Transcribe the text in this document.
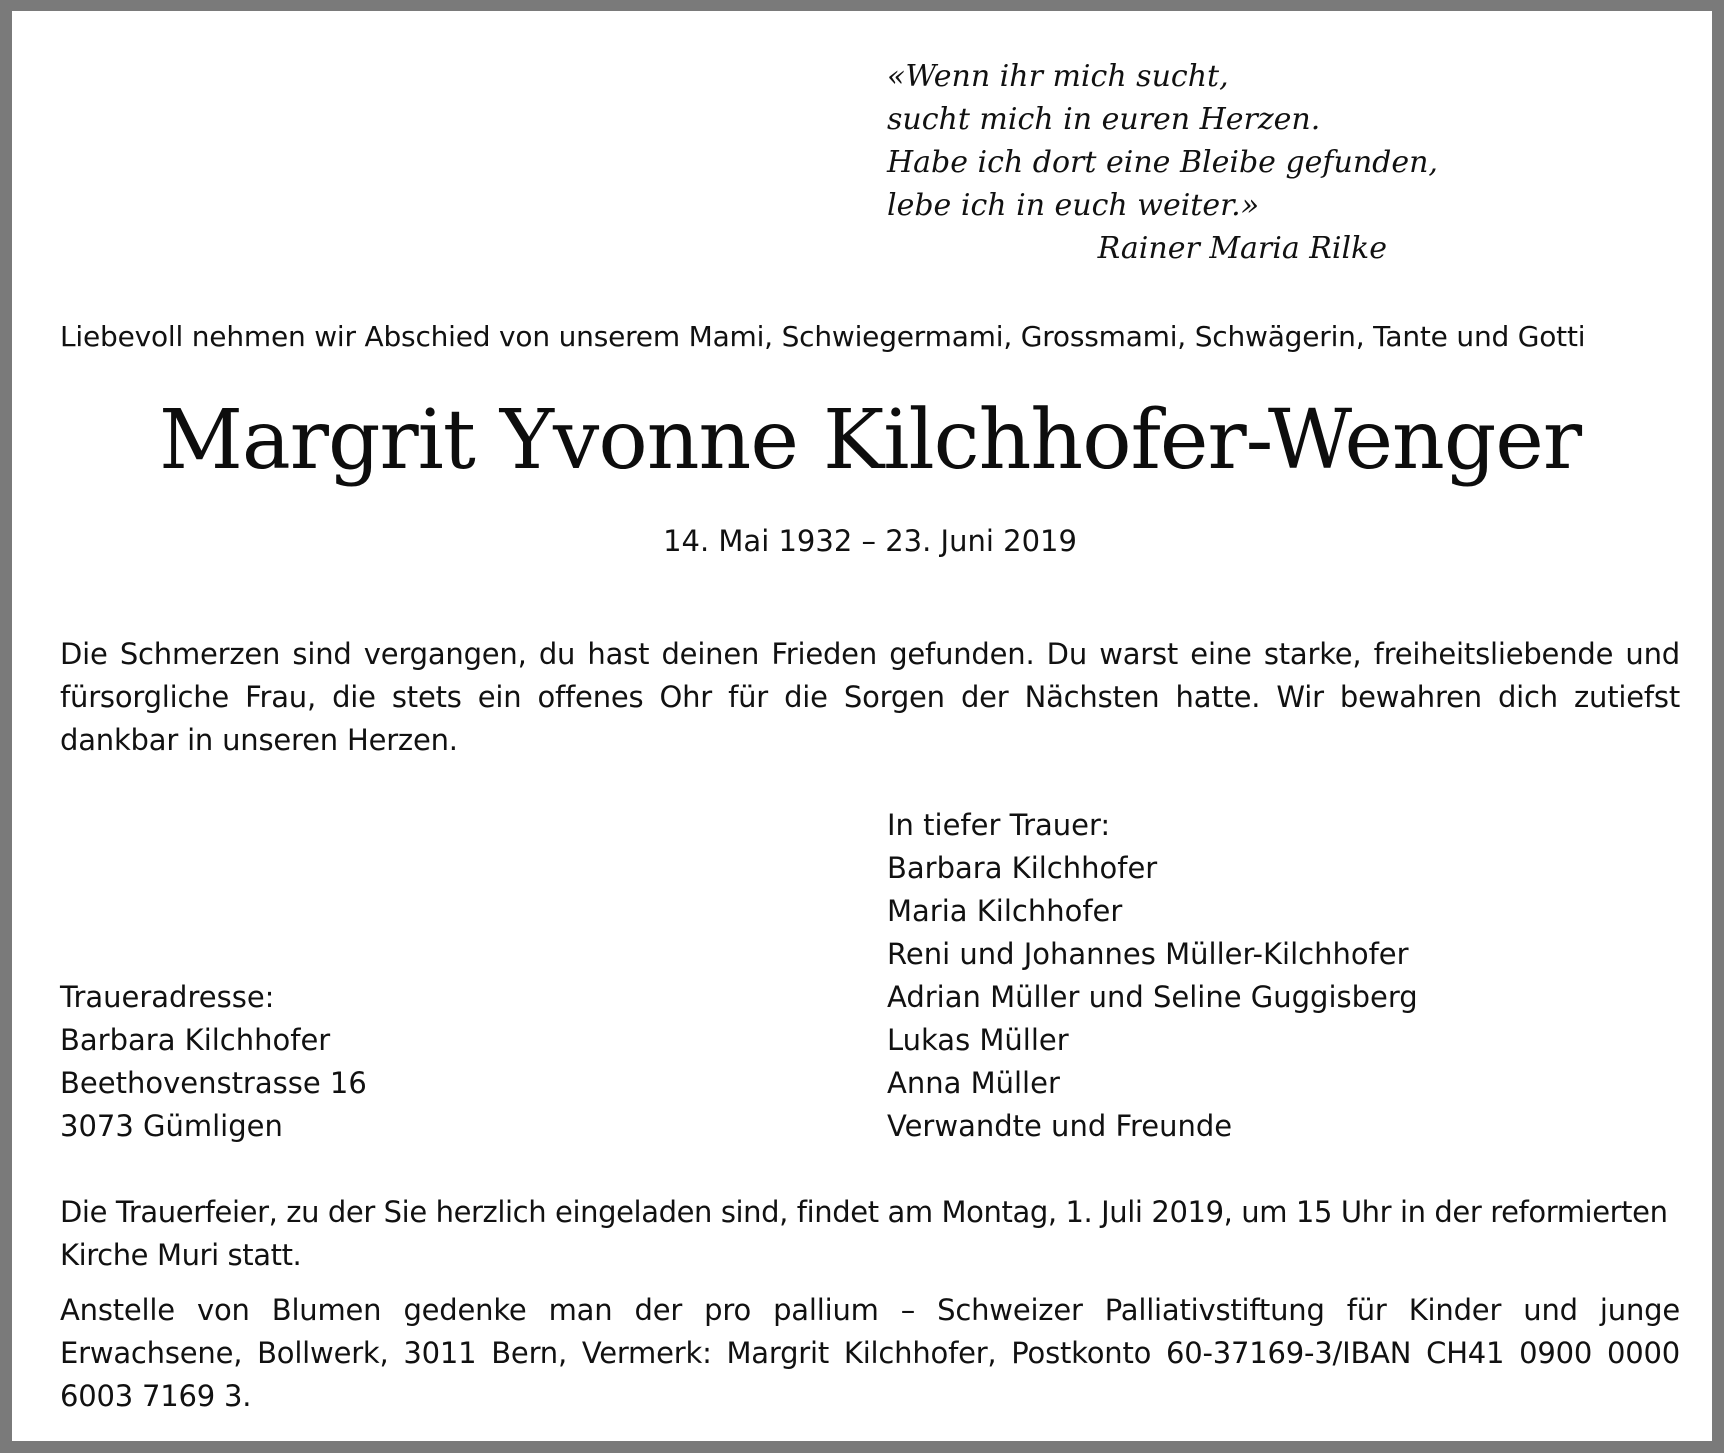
«Wenn ihr mich sucht,
sucht mich in euren Herzen.
Habe ich dort eine Bleibe gefunden,
lebe ich in euch weiter.»
Rainer Maria Rilke
Liebevoll nehmen wir Abschied von unserem Mami, Schwiegermami, Grossmami, Schwägerin, Tante und Gotti
Margrit Yvonne Kilchhofer-Wenger
14. Mai 1932 – 23. Juni 2019
Die Schmerzen sind vergangen, du hast deinen Frieden gefunden. Du warst eine starke, freiheitsliebende und fürsorgliche Frau, die stets ein offenes Ohr für die Sorgen der Nächsten hatte. Wir bewahren dich zutiefst dankbar in unseren Herzen.
In tiefer Trauer:
Barbara Kilchhofer
Maria Kilchhofer
Reni und Johannes Müller-Kilchhofer
Adrian Müller und Seline Guggisberg
Lukas Müller
Anna Müller
Verwandte und Freunde
Traueradresse:
Barbara Kilchhofer
Beethovenstrasse 16
3073 Gümligen
Die Trauerfeier, zu der Sie herzlich eingeladen sind, findet am Montag, 1. Juli 2019, um 15 Uhr in der reformierten Kirche Muri statt.
Anstelle von Blumen gedenke man der pro pallium – Schweizer Palliativstiftung für Kinder und junge Erwachsene, Bollwerk, 3011 Bern, Vermerk: Margrit Kilchhofer, Postkonto 60-37169-3/IBAN CH41 0900 0000 6003 7169 3.
